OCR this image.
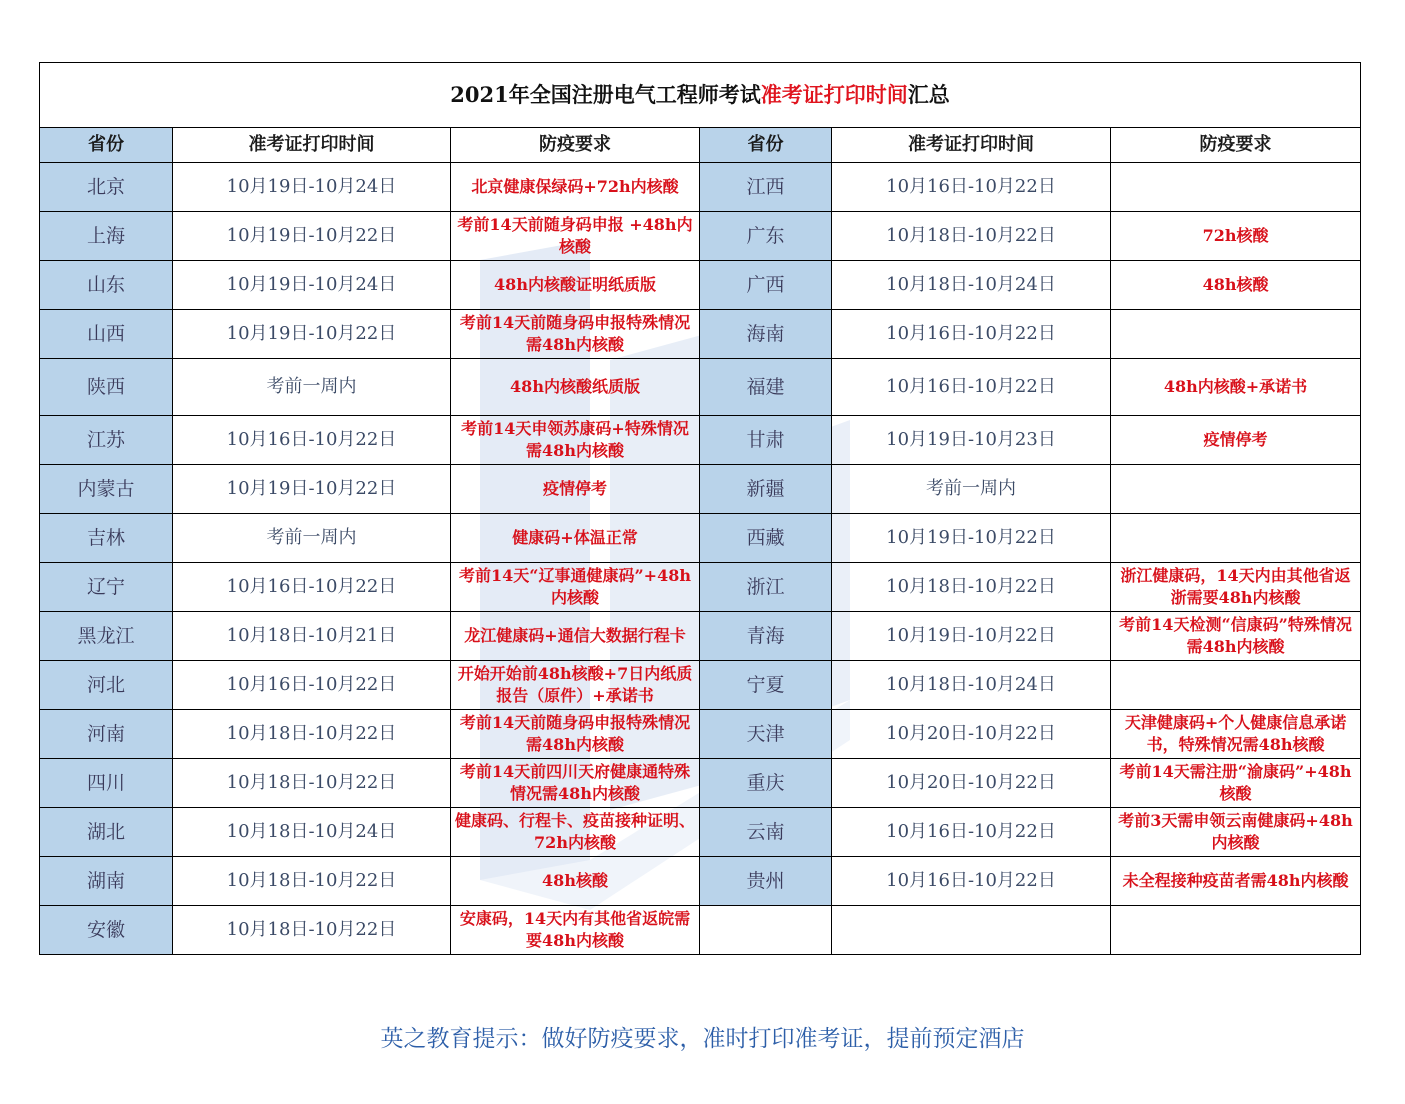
2021年全国注册电气工程师考试准考证打印时间汇总					
省份	准考证打印时间	防疫要求	省份	准考证打印时间	防疫要求
北京	10月19日-10月24日	北京健康保绿码+72h内核酸	江西	10月16日-10月22日	
上海	10月19日-10月22日	考前14天前随身码申报 +48h内核酸	广东	10月18日-10月22日	72h核酸
山东	10月19日-10月24日	48h内核酸证明纸质版	广西	10月18日-10月24日	48h核酸
山西	10月19日-10月22日	考前14天前随身码申报特殊情况需48h内核酸	海南	10月16日-10月22日	
陕西	考前一周内	48h内核酸纸质版	福建	10月16日-10月22日	48h内核酸+承诺书
江苏	10月16日-10月22日	考前14天申领苏康码+特殊情况需48h内核酸	甘肃	10月19日-10月23日	疫情停考
内蒙古	10月19日-10月22日	疫情停考	新疆	考前一周内	
吉林	考前一周内	健康码+体温正常	西藏	10月19日-10月22日	
辽宁	10月16日-10月22日	考前14天“辽事通健康码”+48h内核酸	浙江	10月18日-10月22日	浙江健康码，14天内由其他省返浙需要48h内核酸
黑龙江	10月18日-10月21日	龙江健康码+通信大数据行程卡	青海	10月19日-10月22日	考前14天检测“信康码”特殊情况需48h内核酸
河北	10月16日-10月22日	开始开始前48h核酸+7日内纸质报告（原件）+承诺书	宁夏	10月18日-10月24日	
河南	10月18日-10月22日	考前14天前随身码申报特殊情况需48h内核酸	天津	10月20日-10月22日	天津健康码+个人健康信息承诺书，特殊情况需48h核酸
四川	10月18日-10月22日	考前14天前四川天府健康通特殊情况需48h内核酸	重庆	10月20日-10月22日	考前14天需注册“渝康码”+48h核酸
湖北	10月18日-10月24日	健康码、行程卡、疫苗接种证明、72h内核酸	云南	10月16日-10月22日	考前3天需申领云南健康码+48h内核酸
湖南	10月18日-10月22日	48h核酸	贵州	10月16日-10月22日	未全程接种疫苗者需48h内核酸
安徽	10月18日-10月22日	安康码，14天内有其他省返皖需要48h内核酸			
英之教育提示：做好防疫要求，准时打印准考证，提前预定酒店
